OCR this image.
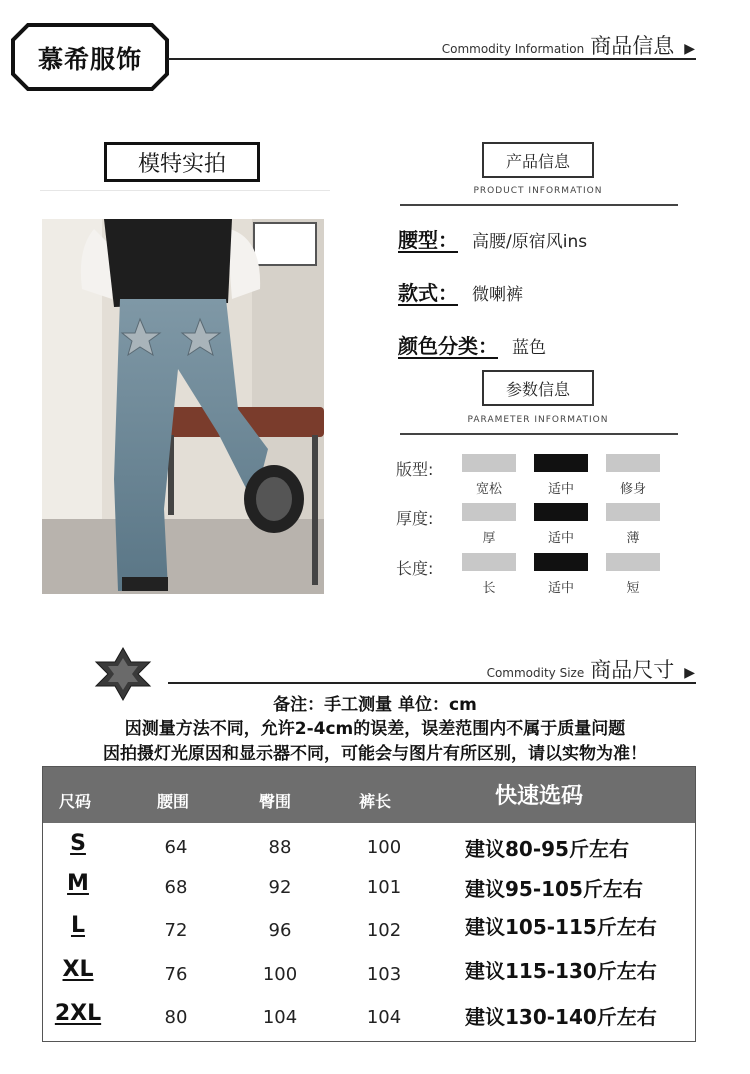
慕希服饰	Commodity Information 商品信息 ▶
模特实拍	产品信息
PRODUCT INFORMATION
腰型： 高腰/原宿风ins
款式： 微喇裤
颜色分类： 蓝色
参数信息
PARAMETER INFORMATION
版型:
宽松	适中	修身
厚度:
厚	适中	薄
长度:
长	适中	短
Commodity Size 商品尺寸 ▶
备注：手工测量 单位：cm
因测量方法不同，允许2-4cm的误差，误差范围内不属于质量问题
因拍摄灯光原因和显示器不同，可能会与图片有所区别，请以实物为准！
尺码	腰围	臀围	裤长	快速选码
S	64	88	100	建议80-95斤左右
M	68	92	101	建议95-105斤左右
L	72	96	102	建议105-115斤左右
XL	76	100	103	建议115-130斤左右
2XL	80	104	104	建议130-140斤左右
